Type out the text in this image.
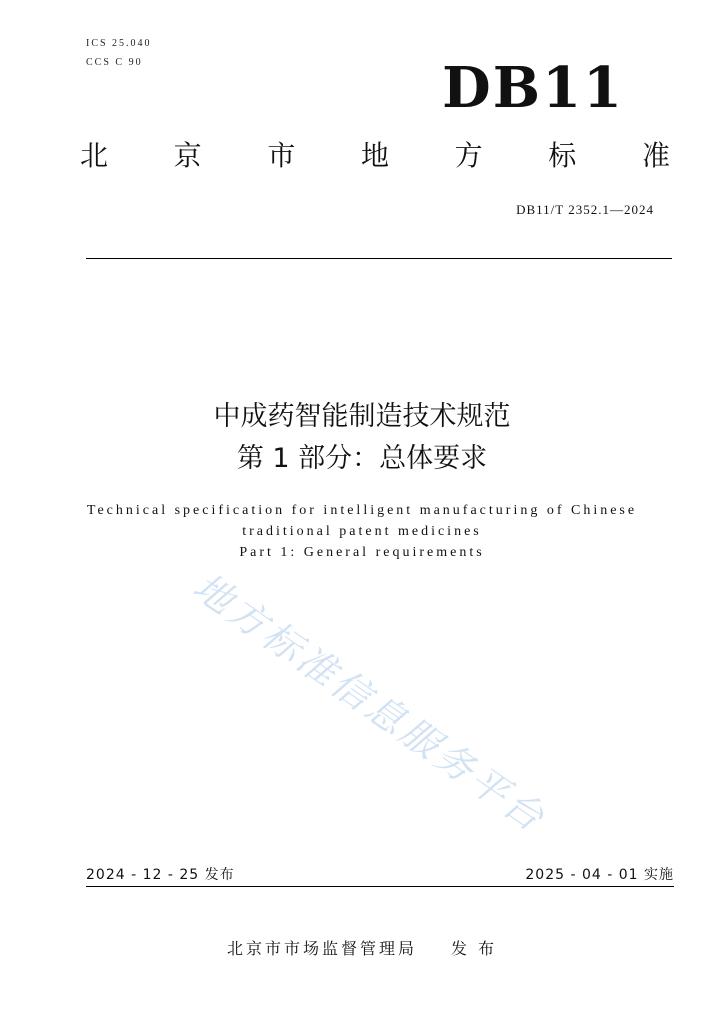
ICS 25.040
CCS C 90	DB11
北 京 市 地 方 标 准
DB11/T 2352.1—2024
中成药智能制造技术规范
第 1 部分：总体要求
Technical specification for intelligent manufacturing of Chinese
traditional patent medicines
Part 1: General requirements
地方标准信息服务平台
2024 - 12 - 25 发布	2025 - 04 - 01 实施
北京市市场监督管理局 发 布
